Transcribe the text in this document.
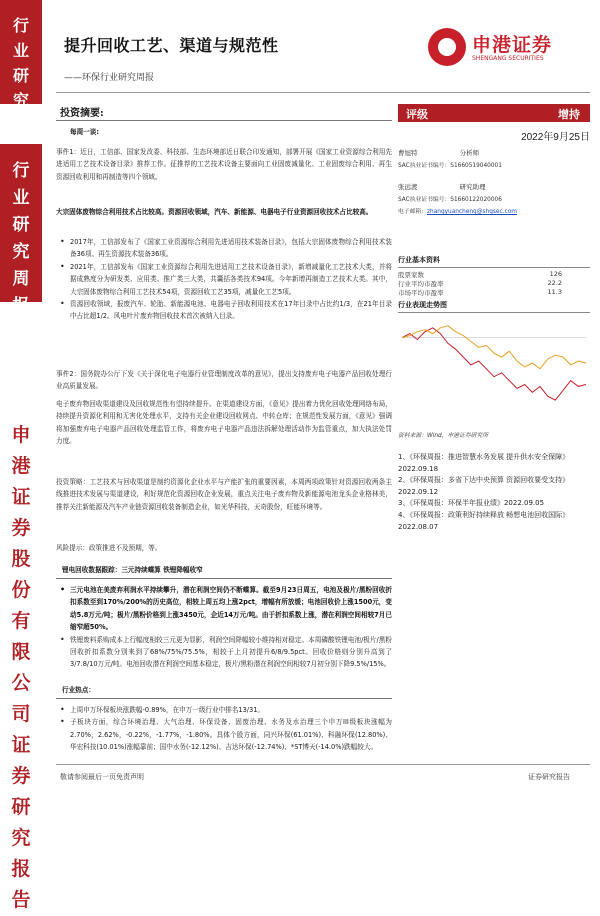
行业研究
行业研究周报
申港证券股份有限公司证券研究报告
提升回收工艺、渠道与规范性
——环保行业研究周报
申港证券
SHENGANG SECURITIES
投资摘要:
每周一谈:
事件1：近日，工信部、国家发改委、科技部、生态环境部近日联合印发通知，部署开展《国家工业资源综合利用先进适用工艺技术设备目录》推荐工作。征推荐的工艺技术设备主要面向工业固废减量化、工业固废综合利用、再生资源回收利用和再制造等四个领域。
大宗固体废物综合利用技术占比较高。资源回收领域，汽车、新能源、电器电子行业资源回收技术占比较高。
• 2017年，工信部发布了《国家工业资源综合利用先进适用技术装备目录》，包括大宗固体废物综合利用技术装备36项、再生资源技术装备36项。
• 2021年，工信部发布《国家工业资源综合利用先进适用工艺技术设备目录》，新增减量化工艺技术大类，并将据成熟度分为研发类、应用类、推广类三大类，共囊括各类技术94项。今年新增再制造工艺技术大类。其中，大宗固体废物综合利用工艺技术54项，资源回收工艺35项，减量化工艺5项。
• 资源回收领域，报废汽车、轮胎、新能源电池、电器电子回收利用技术在17年目录中占比约1/3，在21年目录中占比超1/2。风电叶片废弃物回收技术首次被纳入目录。
事件2：国务院办公厅下发《关于深化电子电器行业管理制度改革的意见》，提出支持废弃电子电器产品回收处理行业高质量发展。
电子废弃物回收渠道建设及回收规范性有望持续提升。在渠道建设方面，《意见》提出着力优化回收处理网络布局，持续提升资源化利用和无害化处理水平，支持有关企业建设回收网点、中转仓库；在规范性发展方面，《意见》强调将加强废弃电子电器产品回收处理监管工作，将废弃电子电器产品违法拆解处理活动作为监管重点，加大执法处罚力度。
投资策略：工艺技术与回收渠道是制约资源化企业水平与产能扩张的重要因素，本周两项政策针对资源回收两条主线推进技术发展与渠道建设，利好规范化资源回收企业发展，重点关注电子废弃物及新能源电池龙头企业格林美，推荐关注新能源及汽车产业链资源回收装备制造企业，如光华科技，天奇股份，旺能环境等。
风险提示：政策推进不及预期，等。
锂电回收数据跟踪：三元持续蝶算 铁锂降幅收窄
• 三元电池在美废弃利润水平持续攀升，潜在利润空间仍不断蝶算。截至9月23日周五，电池及极片/黑粉回收折扣系数至到170%/200%的历史高位，相较上周五均上涨2pct，增幅有所放缓；电池回收价上涨1500元，变动5.8万元/吨；极片/黑粉价格到上涨3450元，企近14万元/吨。由于折扣系数上涨，潜在利润空间相较7月已缩窄超50%。
• 铁锂废料系购成本上行幅度相较三元更为显影，利润空间降幅较小维持相对稳定。本周磷酸铁锂电池/极片/黑粉回收折扣系数分别来到了68%/75%/75.5%，相较于上月初提升6/8/9.5pct。回收价格则分别升高到了3/7.8/10万元/吨。电池回收潜在利润空间基本稳定，极片/黑粉潜在利润空间相较7月初分别下降9.5%/15%。
行业热点：
• 上周申万环保板块涨跌幅-0.89%，在申万一级行业中排名13/31。
• 子板块方面，综合环境治理、大气治理、环保设备、固废治理、水务及水治理三个申万III级板块涨幅为2.70%，2.62%，-0.22%，-1.77%，-1.80%。具体个股方面，同兴环保(61.01%)、科融环保(12.80%)、华宏科技(10.01%)涨幅靠前；国中水务(-12.12%)、吉达环保(-12.74%)、*ST博天(-14.0%)跌幅较大。
评级	增持
2022年9月25日
曹旭特	分析师
SAC执业证书编号：S1660519040001
张远渡	研究助理
SAC执业证书编号：S1660122020006
电子邮箱：zhangyuancheng@shgsec.com
行业基本资料
股票家数	126
行业平均市盈率	22.2
市场平均市盈率	11.3
行业表现走势图
资料来源：Wind，申港证券研究所
1、《环保周报：推进智慧水务发展 提升供水安全保障》2022.09.18
2、《环保周报：多省下达中央预算 资源回收要受支持》2022.09.12
3、《环保周报：环保半年报业绩》2022.09.05
4、《环保周报：政策利好持续释放 畅想电池回收国际》2022.08.07
敬请参阅最后一页免责声明	证券研究报告
